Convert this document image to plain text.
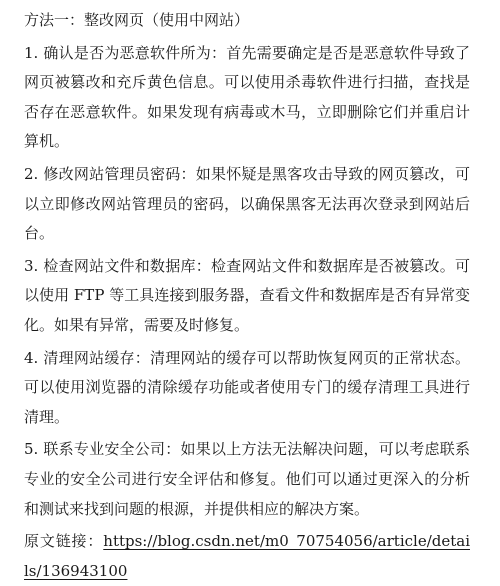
方法一：整改网页（使用中网站）

1. 确认是否为恶意软件所为：首先需要确定是否是恶意软件导致了网页被篡改和充斥黄色信息。可以使用杀毒软件进行扫描，查找是否存在恶意软件。如果发现有病毒或木马，立即删除它们并重启计算机。

2. 修改网站管理员密码：如果怀疑是黑客攻击导致的网页篡改，可以立即修改网站管理员的密码，以确保黑客无法再次登录到网站后台。

3. 检查网站文件和数据库：检查网站文件和数据库是否被篡改。可以使用 FTP 等工具连接到服务器，查看文件和数据库是否有异常变化。如果有异常，需要及时修复。

4. 清理网站缓存：清理网站的缓存可以帮助恢复网页的正常状态。可以使用浏览器的清除缓存功能或者使用专门的缓存清理工具进行清理。

5. 联系专业安全公司：如果以上方法无法解决问题，可以考虑联系专业的安全公司进行安全评估和修复。他们可以通过更深入的分析和测试来找到问题的根源，并提供相应的解决方案。

原文链接：https://blog.csdn.net/m0_70754056/article/details/136943100
